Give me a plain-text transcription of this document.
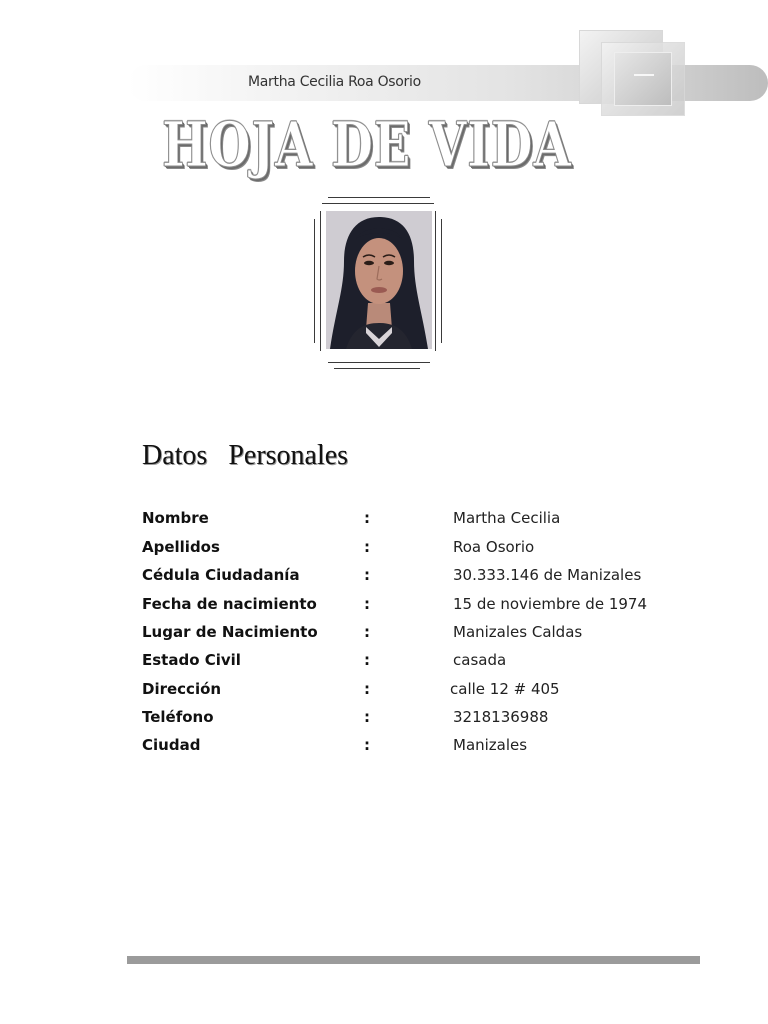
Martha Cecilia Roa Osorio
HOJA DE VIDA
Datos   Personales
Nombre	:	Martha Cecilia
Apellidos	:	Roa Osorio
Cédula Ciudadanía	:	30.333.146 de Manizales
Fecha de nacimiento	:	15 de noviembre de 1974
Lugar de Nacimiento	:	Manizales Caldas
Estado Civil	:	casada
Dirección	:	calle 12 # 405
Teléfono	:	3218136988
Ciudad	:	Manizales
